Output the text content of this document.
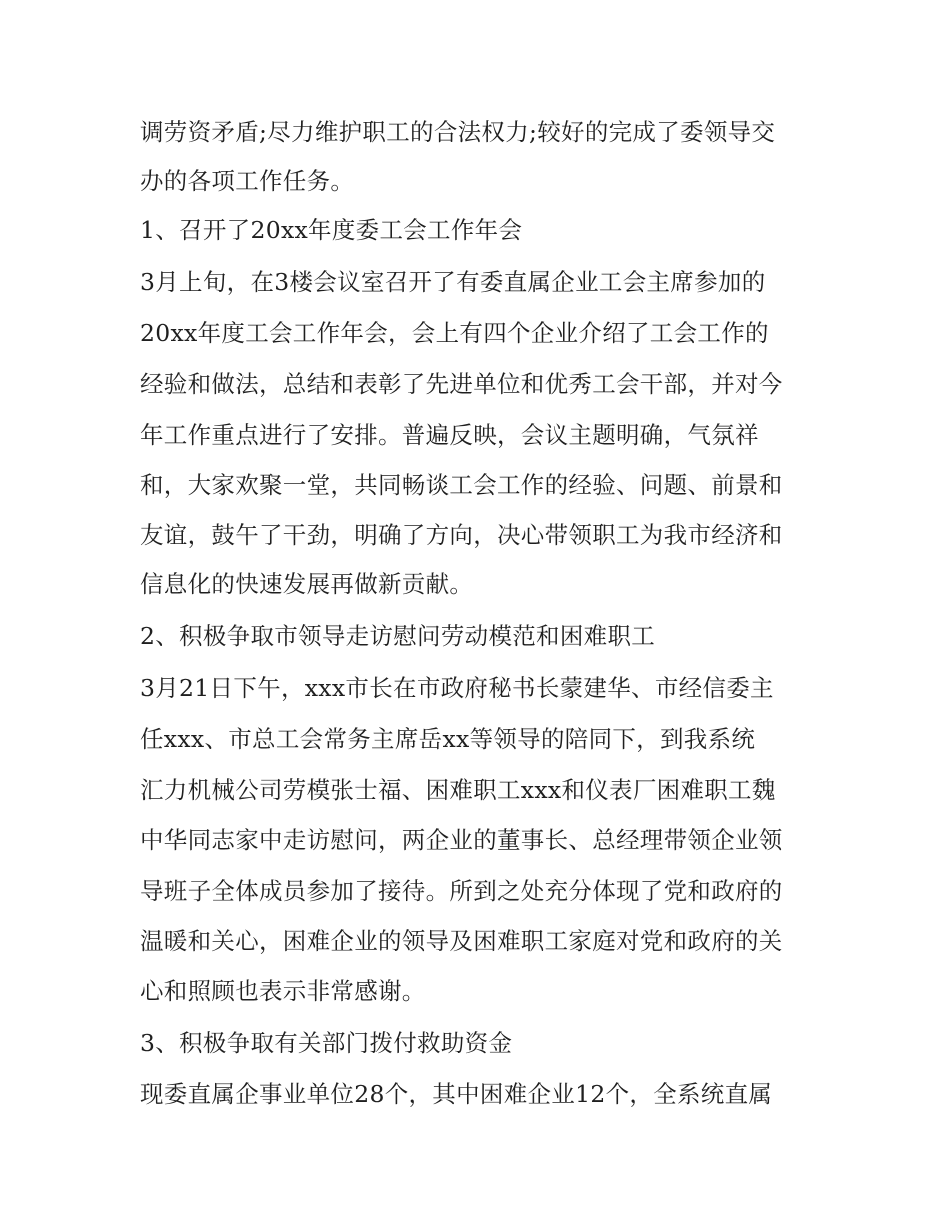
调劳资矛盾;尽力维护职工的合法权力;较好的完成了委领导交
办的各项工作任务。
1、召开了20xx年度委工会工作年会
3月上旬，在3楼会议室召开了有委直属企业工会主席参加的
20xx年度工会工作年会，会上有四个企业介绍了工会工作的
经验和做法，总结和表彰了先进单位和优秀工会干部，并对今
年工作重点进行了安排。普遍反映，会议主题明确，气氛祥
和，大家欢聚一堂，共同畅谈工会工作的经验、问题、前景和
友谊，鼓午了干劲，明确了方向，决心带领职工为我市经济和
信息化的快速发展再做新贡献。
2、积极争取市领导走访慰问劳动模范和困难职工
3月21日下午，xxx市长在市政府秘书长蒙建华、市经信委主
任xxx、市总工会常务主席岳xx等领导的陪同下，到我系统
汇力机械公司劳模张士福、困难职工xxx和仪表厂困难职工魏
中华同志家中走访慰问，两企业的董事长、总经理带领企业领
导班子全体成员参加了接待。所到之处充分体现了党和政府的
温暖和关心，困难企业的领导及困难职工家庭对党和政府的关
心和照顾也表示非常感谢。
3、积极争取有关部门拨付救助资金
现委直属企事业单位28个，其中困难企业12个，全系统直属
